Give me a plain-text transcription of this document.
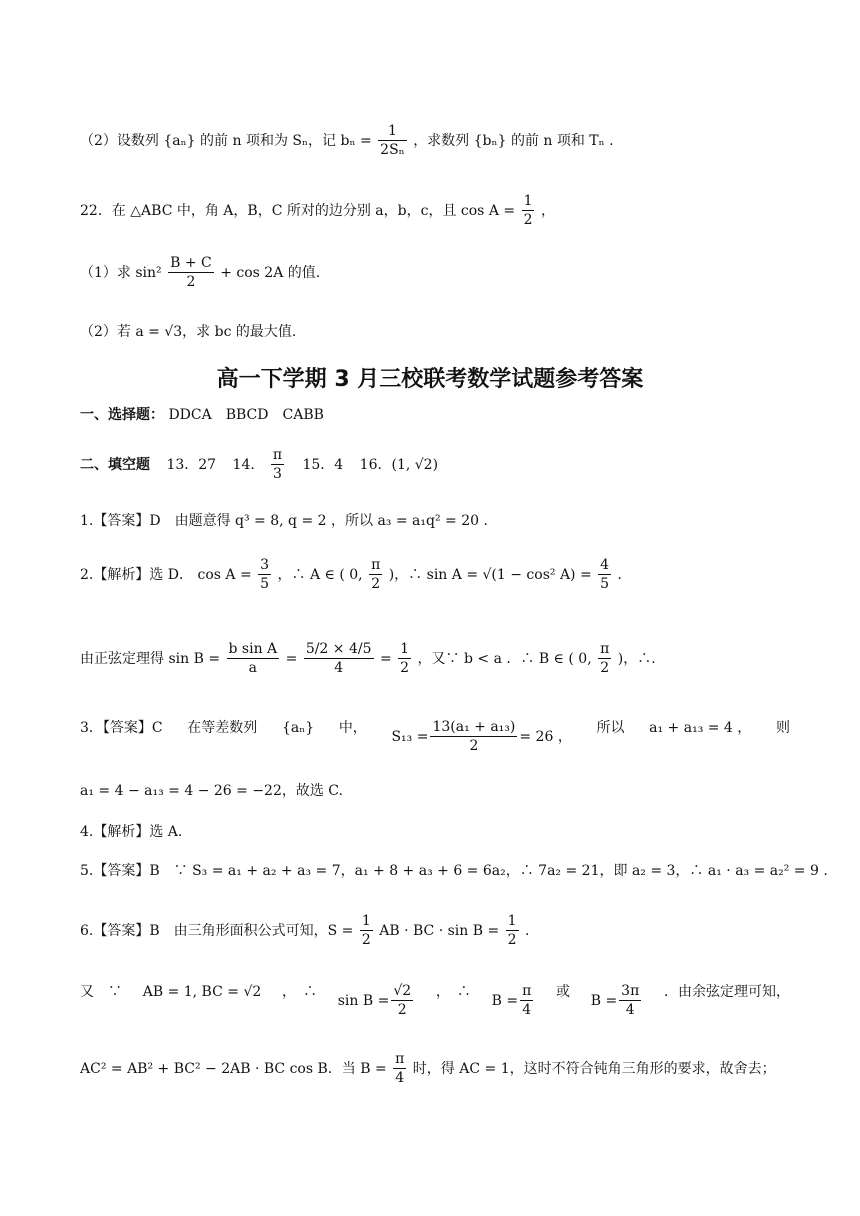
（2）设数列 {aₙ} 的前 n 项和为 Sₙ，记 $b_n = \frac{1}{\text{2Sₙ}}$ ，求数列 {bₙ} 的前 n 项和 Tₙ .
22．在 △ABC 中，角 A，B，C 所对的边分别 a，b，c，且 $\cos A = \frac{1}{2}$ ，
（1）求 $\sin^2 \frac{B + C}{2} + \cos 2A$ 的值.
（2）若 a = √3，求 bc 的最大值.
高一下学期 3 月三校联考数学试题参考答案
一、选择题： DDCA　BBCD　CABB
二、填空题 13．27 14． $\frac{\pi}{3} 15$．4 16．(1, √2)
1.【答案】D　由题意得 q³ = 8, q = 2 ，所以 a₃ = a₁q² = 20 .
2.【解析】选 D． $\cos A = \frac{3}{5}$ ，∴ A ∈ ( 0, $\frac{\pi}{2}$ )，∴ sin A = √(1 − cos² $A) = \frac{4}{5}$ .
由正弦定理得 $\sin B = \frac{\text{b sin A}}{a} = \frac{5/2 \times 4/5}{4} = \frac{1}{2}$ ，又∵ b < a ．∴ B ∈ ( 0, $\frac{\pi}{2}$ )，∴.
3．【答案】C 在等差数列 {aₙ} 中，
$S_{13} = \frac{\text{13(a₁ + a₁₃)}}{2} = 26$ ，
所以 a₁ + a₁₃ = 4 ， 则
a₁ = 4 − a₁₃ = 4 − 26 = −22，故选 C.
4.【解析】选 A.
5.【答案】B　∵ S₃ = a₁ + a₂ + a₃ = 7，a₁ + 8 + a₃ + 6 = 6a₂，∴ 7a₂ = 21，即 a₂ = 3，∴ a₁ · a₃ = a₂² = 9 .
6.【答案】B　由三角形面积公式可知，$S = \frac{1}{2}$ AB · BC · $\sin B = \frac{1}{2}$ .
又　∵ AB = 1, BC = √2 ，　∴
$\sin B = \frac{√2}{2}$ ，　∴
$B = \frac{\pi}{4}$ 或
$B = \frac{3\pi}{4}$ ．由余弦定理可知，
AC² = AB² + BC² − 2AB · BC cos B．当 $B = \frac{\pi}{4}$ 时，得 AC = 1，这时不符合钝角三角形的要求，故舍去；
